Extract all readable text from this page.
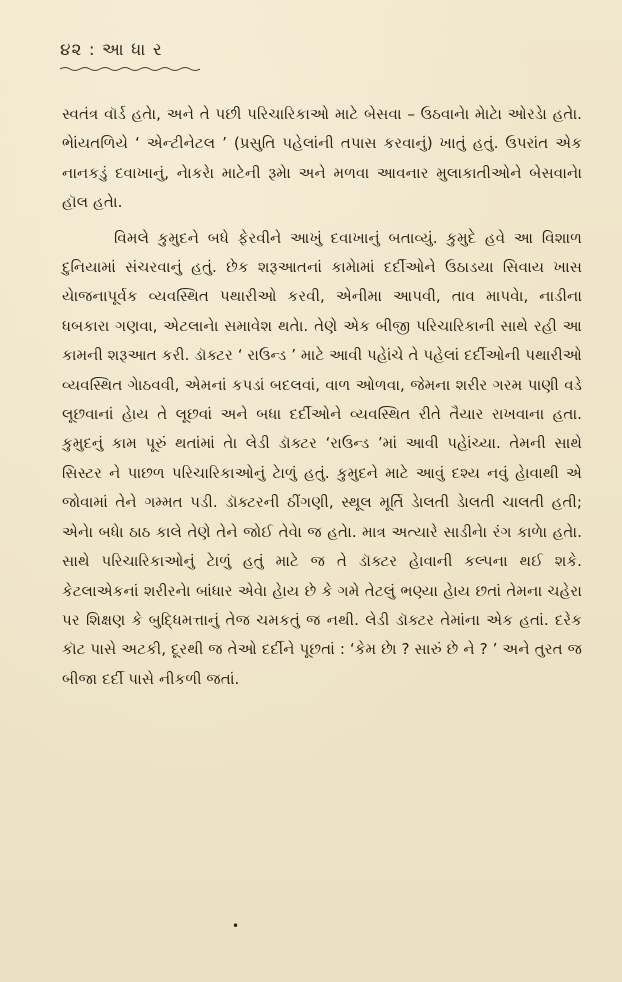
૪૨ : આ ધા ર

સ્વતંત્ર વૉર્ડ હતેા, અને તે પછી પરિચારિકાઓ માટે બેસવા – ઉઠવાનેા મેાટેા ઓરડેા હતેા. ભેાંયતળિયે ‘ એન્ટીનેટલ ’ (પ્રસુતિ પહેલાંની તપાસ કરવાનું) ખાતું હતું. ઉપરાંત એક નાનકડું દવાખાનું, નેાકરેા માટેની રૂમેા અને મળવા આવનાર મુલાકાતીઓને બેસવાનેા હૉલ હતેા.

વિમલે કુમુદને બધે ફેરવીને આખું દવાખાનું બતાવ્યું. કુમુદે હવે આ વિશાળ દુનિયામાં સંચરવાનું હતું. છેક શરૂઆતનાં કામેામાં દર્દીઓને ઉઠાડયા સિવાય ખાસ યેાજનાપૂર્વક વ્યવસ્થિત પથારીઓ કરવી, એનીમા આપવી, તાવ માપવેા, નાડીના ધબકારા ગણવા, એટલાનેા સમાવેશ થતેા. તેણે એક બીજી પરિચારિકાની સાથે રહી આ કામની શરૂઆત કરી. ડૉક્ટર ‘ રાઉન્ડ ’ માટે આવી પહેાંચે તે પહેલાં દર્દીઓની પથારીઓ વ્યવસ્થિત ગેાઠવવી, એમનાં કપડાં બદલવાં, વાળ ઓળવા, જેમના શરીર ગરમ પાણી વડે લૂછવાનાં હેાય તે લૂછવાં અને બધા દર્દીઓને વ્યવસ્થિત રીતે તૈયાર રાખવાના હતા. કુમુદનું કામ પૂરું થતાંમાં તેા લેડી ડૉક્ટર ‘રાઉન્ડ ’માં આવી પહેાંચ્યા. તેમની સાથે સિસ્ટર ને પાછળ પરિચારિકાઓનું ટેાળું હતું. કુમુદને માટે આવું દશ્ય નવું હેાવાથી એ જોવામાં તેને ગમ્મત પડી. ડૉક્ટરની ઠીંગણી, સ્થૂલ મૂર્તિ ડેાલતી ડેાલતી ચાલતી હતી; એનેા બધેા ઠાઠ કાલે તેણે તેને જોઈ તેવેા જ હતેા. માત્ર અત્યારે સાડીનેા રંગ કાળેા હતેા. સાથે પરિચારિકાઓનું ટેાળું હતું માટે જ તે ડૉક્ટર હેાવાની કલ્પના થઈ શકે. કેટલાએકનાં શરીરનેા બાંધાર એવેા હેાય છે કે ગમે તેટલું ભણ્યા હેાય છતાં તેમના ચહેરા પર શિક્ષણ કે બુદ્ધિમત્તાનું તેજ ચમકતું જ નથી. લેડી ડૉક્ટર તેમાંના એક હતાં. દરેક કૉટ પાસે અટકી, દૂરથી જ તેઓ દર્દીને પૂછતાં : ‘કેમ છેા ? સારું છે ને ? ’ અને તુરત જ બીજા દર્દી પાસે નીકળી જતાં.

•
